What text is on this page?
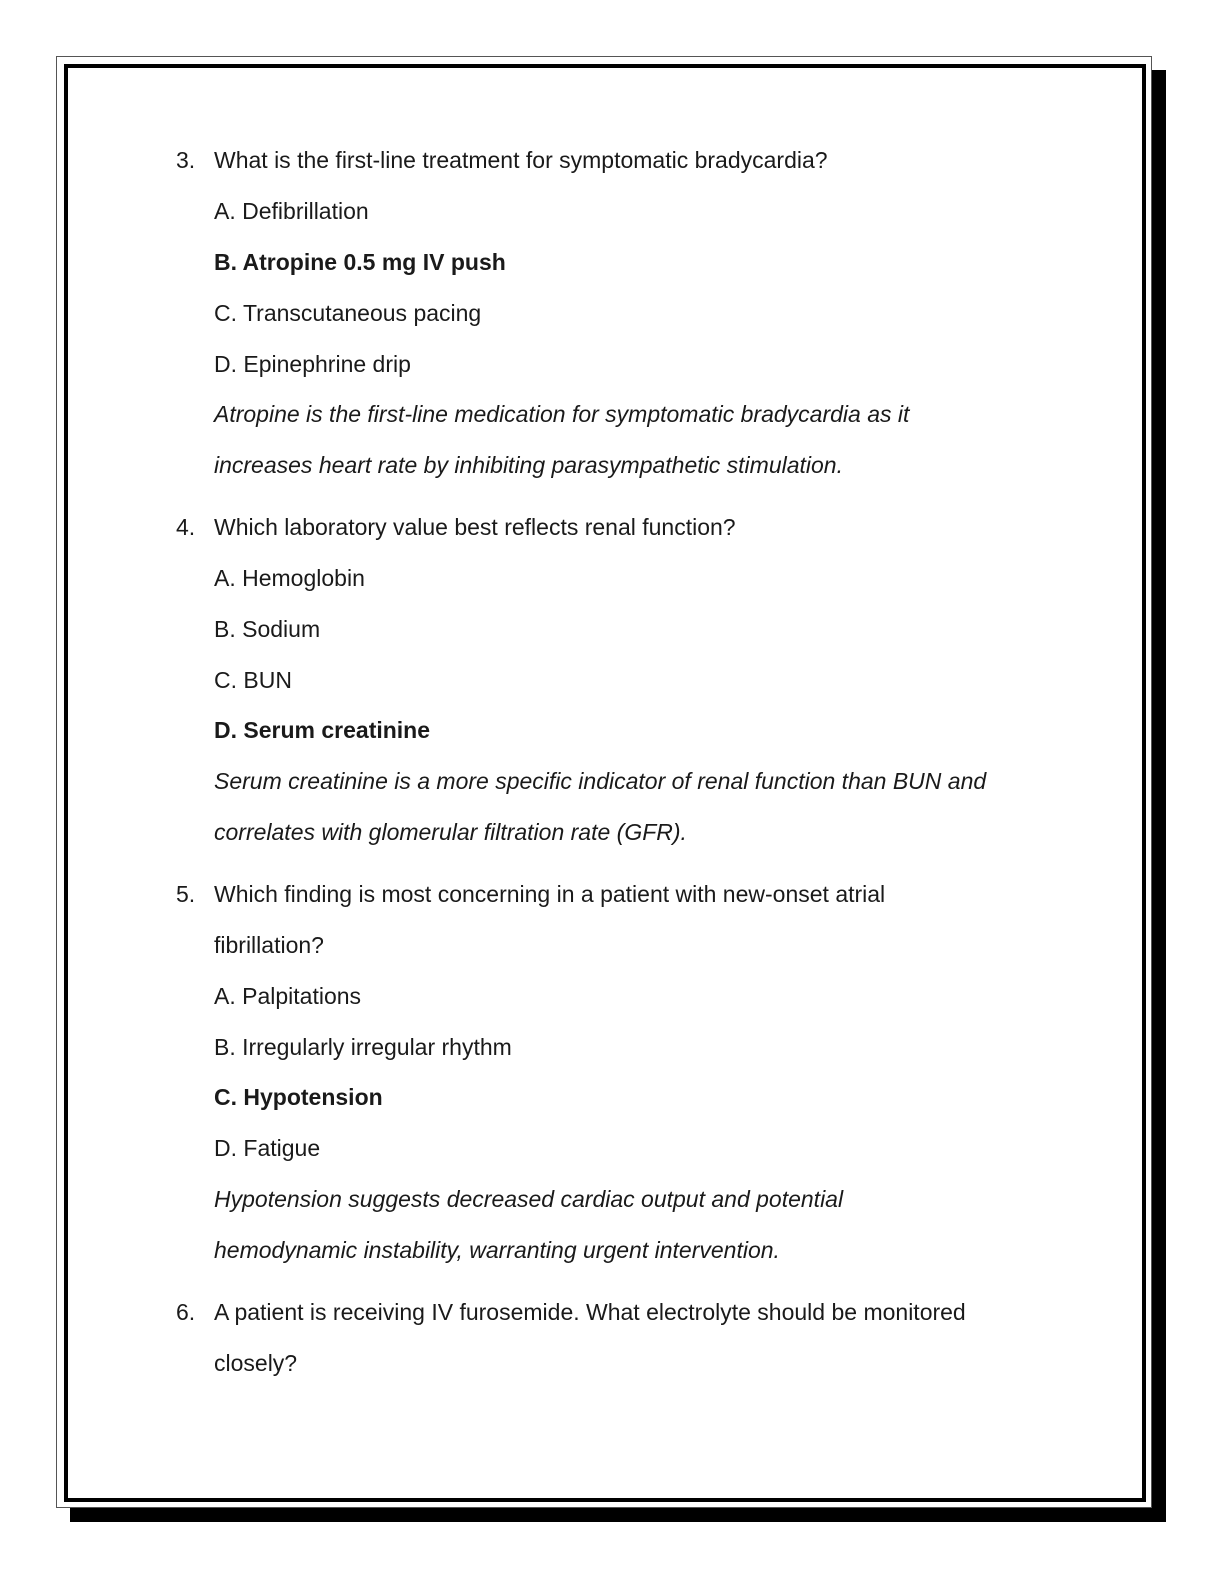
3. What is the first-line treatment for symptomatic bradycardia?
A. Defibrillation
B. Atropine 0.5 mg IV push
C. Transcutaneous pacing
D. Epinephrine drip
Atropine is the first-line medication for symptomatic bradycardia as it
increases heart rate by inhibiting parasympathetic stimulation.
4. Which laboratory value best reflects renal function?
A. Hemoglobin
B. Sodium
C. BUN
D. Serum creatinine
Serum creatinine is a more specific indicator of renal function than BUN and
correlates with glomerular filtration rate (GFR).
5. Which finding is most concerning in a patient with new-onset atrial
fibrillation?
A. Palpitations
B. Irregularly irregular rhythm
C. Hypotension
D. Fatigue
Hypotension suggests decreased cardiac output and potential
hemodynamic instability, warranting urgent intervention.
6. A patient is receiving IV furosemide. What electrolyte should be monitored
closely?
